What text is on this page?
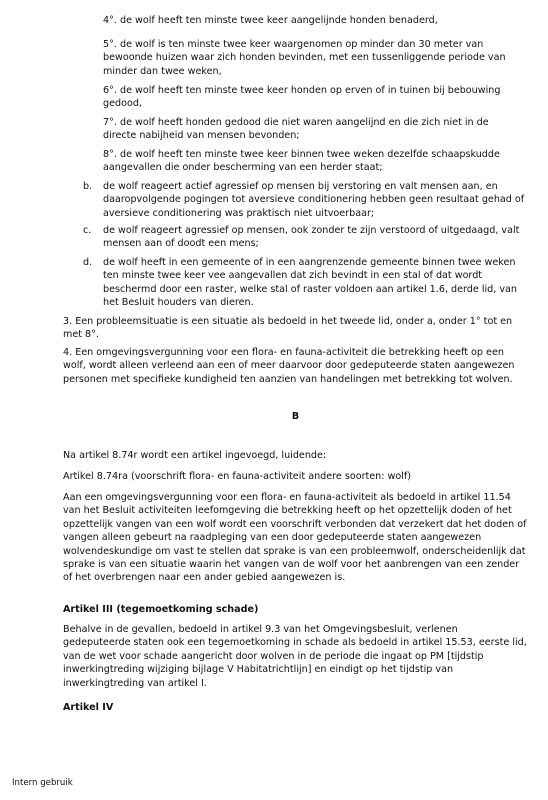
4°. de wolf heeft ten minste twee keer aangelijnde honden benaderd,
5°. de wolf is ten minste twee keer waargenomen op minder dan 30 meter van bewoonde huizen waar zich honden bevinden, met een tussenliggende periode van minder dan twee weken,
6°. de wolf heeft ten minste twee keer honden op erven of in tuinen bij bebouwing gedood,
7°. de wolf heeft honden gedood die niet waren aangelijnd en die zich niet in de directe nabijheid van mensen bevonden;
8°. de wolf heeft ten minste twee keer binnen twee weken dezelfde schaapskudde aangevallen die onder bescherming van een herder staat;
b. de wolf reageert actief agressief op mensen bij verstoring en valt mensen aan, en daaropvolgende pogingen tot aversieve conditionering hebben geen resultaat gehad of aversieve conditionering was praktisch niet uitvoerbaar;
c. de wolf reageert agressief op mensen, ook zonder te zijn verstoord of uitgedaagd, valt mensen aan of doodt een mens;
d. de wolf heeft in een gemeente of in een aangrenzende gemeente binnen twee weken ten minste twee keer vee aangevallen dat zich bevindt in een stal of dat wordt beschermd door een raster, welke stal of raster voldoen aan artikel 1.6, derde lid, van het Besluit houders van dieren.
3. Een probleemsituatie is een situatie als bedoeld in het tweede lid, onder a, onder 1° tot en met 8°.
4. Een omgevingsvergunning voor een flora- en fauna-activiteit die betrekking heeft op een wolf, wordt alleen verleend aan een of meer daarvoor door gedeputeerde staten aangewezen personen met specifieke kundigheid ten aanzien van handelingen met betrekking tot wolven.
B
Na artikel 8.74r wordt een artikel ingevoegd, luidende:
Artikel 8.74ra (voorschrift flora- en fauna-activiteit andere soorten: wolf)
Aan een omgevingsvergunning voor een flora- en fauna-activiteit als bedoeld in artikel 11.54 van het Besluit activiteiten leefomgeving die betrekking heeft op het opzettelijk doden of het opzettelijk vangen van een wolf wordt een voorschrift verbonden dat verzekert dat het doden of vangen alleen gebeurt na raadpleging van een door gedeputeerde staten aangewezen wolvendeskundige om vast te stellen dat sprake is van een probleemwolf, onderscheidenlijk dat sprake is van een situatie waarin het vangen van de wolf voor het aanbrengen van een zender of het overbrengen naar een ander gebied aangewezen is.
Artikel III (tegemoetkoming schade)
Behalve in de gevallen, bedoeld in artikel 9.3 van het Omgevingsbesluit, verlenen gedeputeerde staten ook een tegemoetkoming in schade als bedoeld in artikel 15.53, eerste lid, van de wet voor schade aangericht door wolven in de periode die ingaat op PM [tijdstip inwerkingtreding wijziging bijlage V Habitatrichtlijn] en eindigt op het tijdstip van inwerkingtreding van artikel I.
Artikel IV
Intern gebruik
